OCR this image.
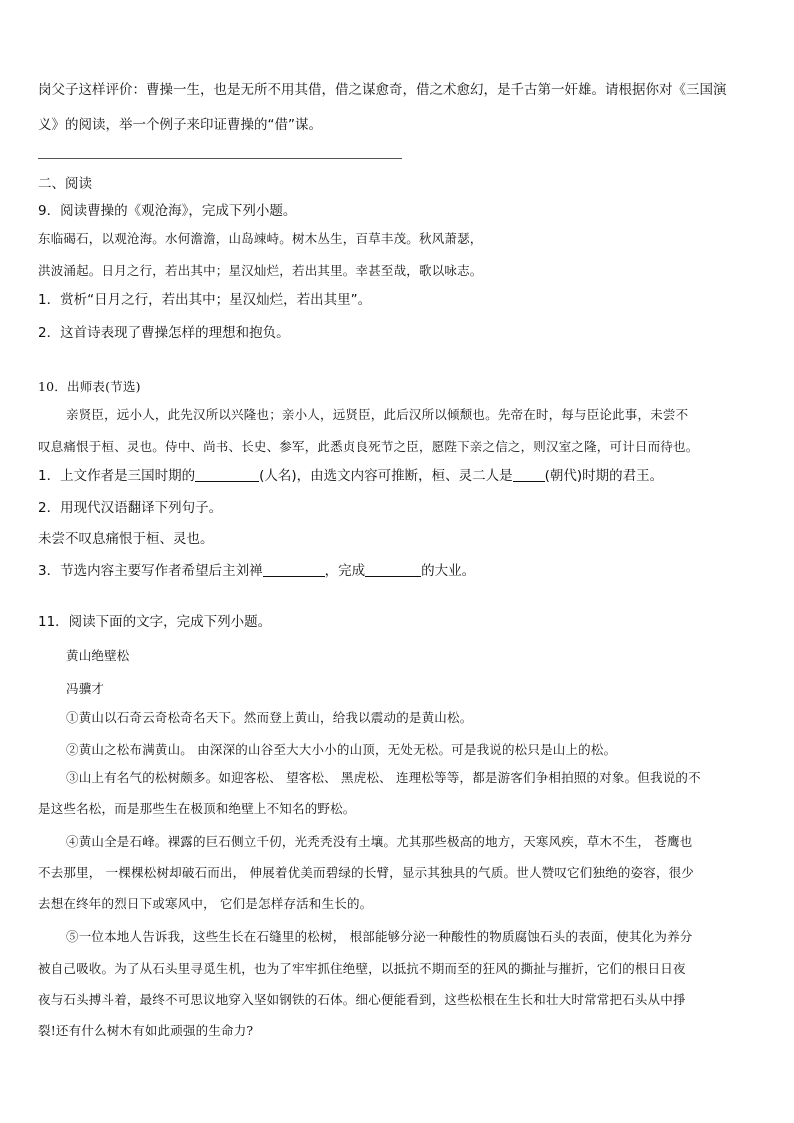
岗父子这样评价：曹操一生，也是无所不用其借，借之谋愈奇，借之术愈幻，是千古第一奸雄。请根据你对《三国演
义》的阅读，举一个例子来印证曹操的“借”谋。
二、阅读
9．阅读曹操的《观沧海》，完成下列小题。
东临碣石，以观沧海。水何澹澹，山岛竦峙。树木丛生，百草丰茂。秋风萧瑟，
洪波涌起。日月之行，若出其中；星汉灿烂，若出其里。幸甚至哉，歌以咏志。
1．赏析“日月之行，若出其中；星汉灿烂，若出其里”。
2．这首诗表现了曹操怎样的理想和抱负。
10．出师表(节选)
亲贤臣，远小人，此先汉所以兴隆也；亲小人，远贤臣，此后汉所以倾颓也。先帝在时，每与臣论此事，未尝不
叹息痛恨于桓、灵也。侍中、尚书、长史、参军，此悉贞良死节之臣，愿陛下亲之信之，则汉室之隆，可计日而待也。
1．上文作者是三国时期的	(人名)，由选文内容可推断，桓、灵二人是 (朝代)时期的君王。
2．用现代汉语翻译下列句子。
未尝不叹息痛恨于桓、灵也。
3．节选内容主要写作者希望后主刘禅	，完成	的大业。
11．阅读下面的文字，完成下列小题。
黄山绝壁松
冯骥才
①黄山以石奇云奇松奇名天下。然而登上黄山，给我以震动的是黄山松。
②黄山之松布满黄山。 由深深的山谷至大大小小的山顶，无处无松。可是我说的松只是山上的松。
③山上有名气的松树颇多。如迎客松、 望客松、 黑虎松、 连理松等等，都是游客们争相拍照的对象。但我说的不
是这些名松，而是那些生在极顶和绝壁上不知名的野松。
④黄山全是石峰。裸露的巨石侧立千仞，光秃秃没有土壤。尤其那些极高的地方，天寒风疾，草木不生， 苍鹰也
不去那里， 一棵棵松树却破石而出， 伸展着优美而碧绿的长臂，显示其独具的气质。世人赞叹它们独绝的姿容，很少
去想在终年的烈日下或寒风中， 它们是怎样存活和生长的。
⑤一位本地人告诉我，这些生长在石缝里的松树， 根部能够分泌一种酸性的物质腐蚀石头的表面，使其化为养分
被自己吸收。为了从石头里寻觅生机，也为了牢牢抓住绝壁，以抵抗不期而至的狂风的撕扯与摧折，它们的根日日夜
夜与石头搏斗着，最终不可思议地穿入坚如钢铁的石体。细心便能看到，这些松根在生长和壮大时常常把石头从中掙
裂!还有什么树木有如此顽强的生命力?
